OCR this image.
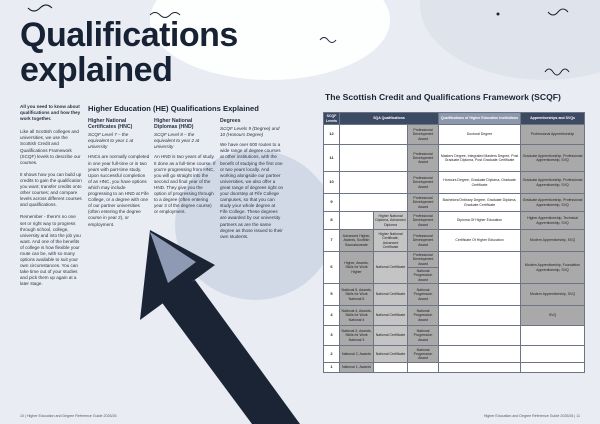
Qualifications
explained
All you need to know about qualifications and how they work together.

Like all Scottish colleges and universities, we use the Scottish Credit and Qualifications Framework (SCQF) levels to describe our courses.

It shows how you can build up credits to gain the qualification you want; transfer credits onto other courses; and compare levels across different courses and qualifications.

Remember - there's no one set or right way to progress through school, college, university and into the job you want. And one of the benefits of college is how flexible your route can be, with so many options available to suit your own circumstances. You can take time out of your studies and pick them up again at a later stage.

Higher Education (HE) Qualifications Explained
Higher National Certificates (HNC)
SCQF Level 7 – the equivalent to year 1 at university

HNCs are normally completed in one year full-time or in two years with part-time study. Upon successful completion of an HNC, you have options which may include progressing to an HND at Fife College, or a degree with one of our partner universities (often entering the degree course in year 2), or employment.

Higher National Diplomas (HND)
SCQF Level 8 – the equivalent to year 2 at university

An HND is two years of study. It done as a full-time course. If you're progressing from HNC, you will go straight into the second and final year of the HND. They give you the option of progressing through to a degree (often entering year 3 of the degree course) or employment.

Degrees
SCQF Levels 9 (Degree) and 10 (Honours Degree)

We have over 600 routes to a wide range of degree courses at other institutions, with the benefit of studying the first one or two years locally. And working alongside our partner universities, we also offer a great range of degrees right on your doorstep at Fife College campuses, so that you can study your whole degree at Fife College. These degrees are awarded by our university partners as are the same degree as those issued to their own students.

The Scottish Credit and Qualifications Framework (SCQF)
SCQF Levels	SQA Qualifications			Qualifications of Higher Education Institutions	Apprenticeships and SVQs
12			Professional Development Award	Doctoral Degree	Professional Apprenticeship
11			Professional Development Award	Masters Degree, Integrated Masters Degree, Post Graduate Diploma, Post Graduate Certificate	Graduate Apprenticeship, Professional Apprenticeship, SVQ
10			Professional Development Award	Honours Degree, Graduate Diploma, Graduate Certificate	Graduate Apprenticeship, Professional Apprenticeship, SVQ
9			Professional Development Award	Bachelors/Ordinary Degree, Graduate Diploma, Graduate Certificate	Graduate Apprenticeship, Professional Apprenticeship, SVQ
8		Higher National Diploma, Advanced Diploma	Professional Development Award	Diploma Of Higher Education	Higher Apprenticeship, Technical Apprenticeship, SVQ
7	Advanced Higher, Awards, Scottish Baccalaureate	Higher National Certificate, Advanced Certificate	Professional Development Award	Certificate Of Higher Education	Modern Apprenticeship, SVQ
6	Higher, Awards, Skills for Work Higher	National Certificate	Professional Development Award		Modern Apprenticeship, Foundation Apprenticeship, SVQ
			National Progression Award		
5	National 5, Awards, Skills for Work National 5	National Certificate	National Progression Award		Modern Apprenticeship, SVQ
4	National 4, Awards, Skills for Work National 4	National Certificate	National Progression Award		SVQ
3	National 3, Awards, Skills for Work National 3	National Certificate	National Progression Award		
2	National 2, Awards	National Certificate	National Progression Award		
1	National 1, Awards				
10 | Higher Education and Degree Reference Guide 2025/26	Higher Education and Degree Reference Guide 2025/26 | 11
